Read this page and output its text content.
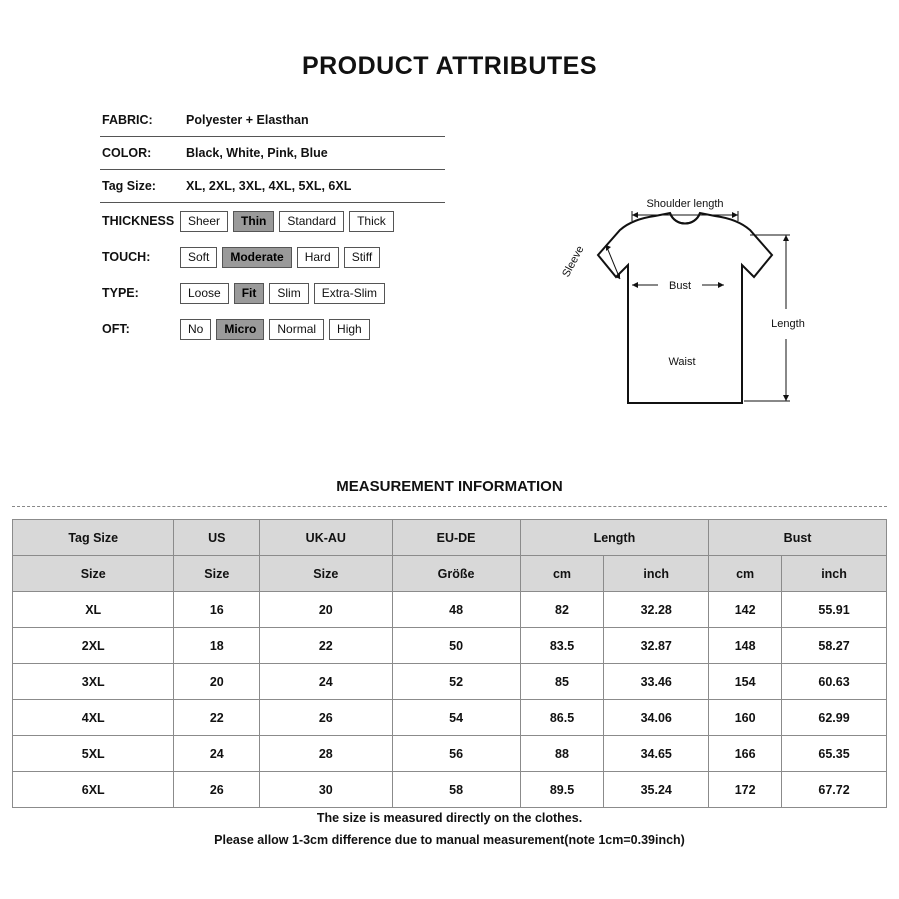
PRODUCT ATTRIBUTES
FABRIC:	Polyester + Elasthan
COLOR:	Black, White, Pink, Blue
Tag Size:	XL, 2XL, 3XL, 4XL, 5XL, 6XL
THICKNESS	Sheer	Thin	Standard	Thick
TOUCH:	Soft	Moderate	Hard	Stiff
TYPE:	Loose	Fit	Slim	Extra-Slim
OFT:	No	Micro	Normal	High
Shoulder length
Sleeve
Bust
Length
Waist
MEASUREMENT INFORMATION
Tag Size	US	UK-AU	EU-DE	Length		Bust	
Size	Size	Size	Größe	cm	inch	cm	inch
XL	16	20	48	82	32.28	142	55.91
2XL	18	22	50	83.5	32.87	148	58.27
3XL	20	24	52	85	33.46	154	60.63
4XL	22	26	54	86.5	34.06	160	62.99
5XL	24	28	56	88	34.65	166	65.35
6XL	26	30	58	89.5	35.24	172	67.72
The size is measured directly on the clothes.
Please allow 1-3cm difference due to manual measurement(note 1cm=0.39inch)
